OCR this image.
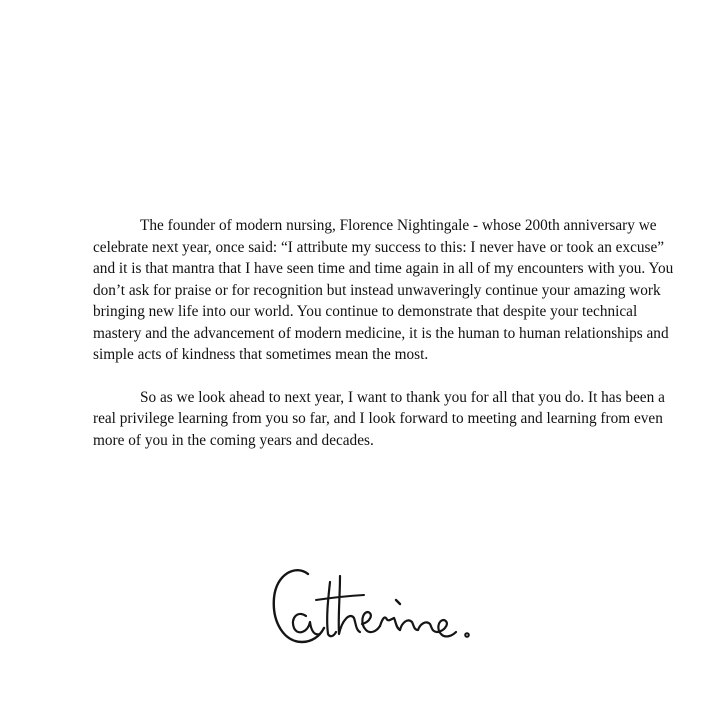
The founder of modern nursing, Florence Nightingale - whose 200th anniversary we celebrate next year, once said: “I attribute my success to this: I never have or took an excuse” and it is that mantra that I have seen time and time again in all of my encounters with you. You don’t ask for praise or for recognition but instead unwaveringly continue your amazing work bringing new life into our world. You continue to demonstrate that despite your technical mastery and the advancement of modern medicine, it is the human to human relationships and simple acts of kindness that sometimes mean the most.

So as we look ahead to next year, I want to thank you for all that you do. It has been a real privilege learning from you so far, and I look forward to meeting and learning from even more of you in the coming years and decades.
